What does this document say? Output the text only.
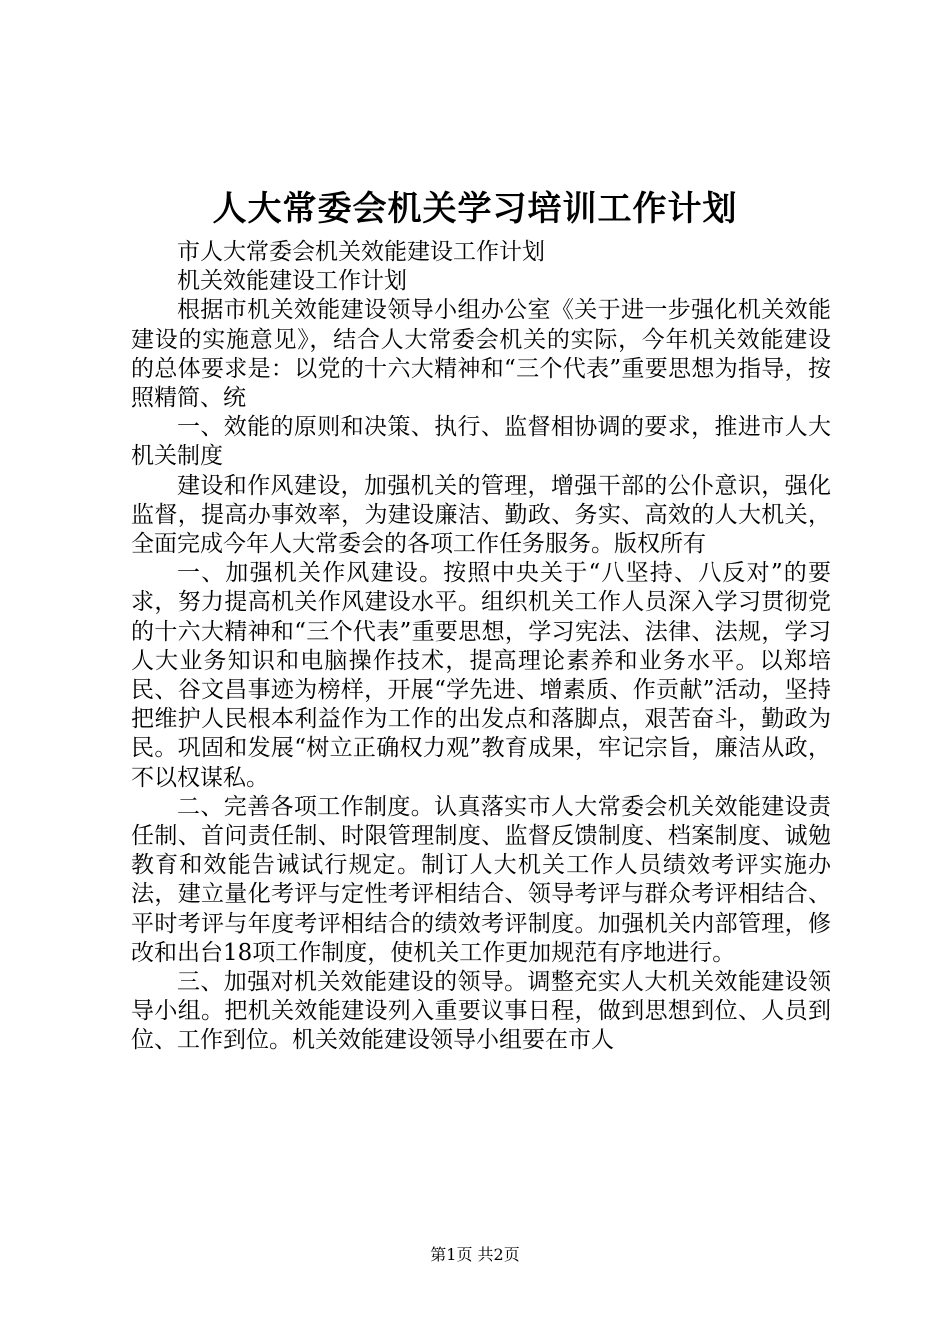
人大常委会机关学习培训工作计划

市人大常委会机关效能建设工作计划

机关效能建设工作计划

根据市机关效能建设领导小组办公室《关于进一步强化机关效能建设的实施意见》，结合人大常委会机关的实际，今年机关效能建设的总体要求是：以党的十六大精神和“三个代表”重要思想为指导，按照精简、统

一、效能的原则和决策、执行、监督相协调的要求，推进市人大机关制度

建设和作风建设，加强机关的管理，增强干部的公仆意识，强化监督，提高办事效率，为建设廉洁、勤政、务实、高效的人大机关，全面完成今年人大常委会的各项工作任务服务。版权所有

一、加强机关作风建设。按照中央关于“八坚持、八反对”的要求，努力提高机关作风建设水平。组织机关工作人员深入学习贯彻党的十六大精神和“三个代表”重要思想，学习宪法、法律、法规，学习人大业务知识和电脑操作技术，提高理论素养和业务水平。以郑培民、谷文昌事迹为榜样，开展“学先进、增素质、作贡献”活动，坚持把维护人民根本利益作为工作的出发点和落脚点，艰苦奋斗，勤政为民。巩固和发展“树立正确权力观”教育成果，牢记宗旨，廉洁从政，不以权谋私。

二、完善各项工作制度。认真落实市人大常委会机关效能建设责任制、首问责任制、时限管理制度、监督反馈制度、档案制度、诚勉教育和效能告诫试行规定。制订人大机关工作人员绩效考评实施办法，建立量化考评与定性考评相结合、领导考评与群众考评相结合、平时考评与年度考评相结合的绩效考评制度。加强机关内部管理，修改和出台18项工作制度，使机关工作更加规范有序地进行。

三、加强对机关效能建设的领导。调整充实人大机关效能建设领导小组。把机关效能建设列入重要议事日程，做到思想到位、人员到位、工作到位。机关效能建设领导小组要在市人

第1页 共2页
